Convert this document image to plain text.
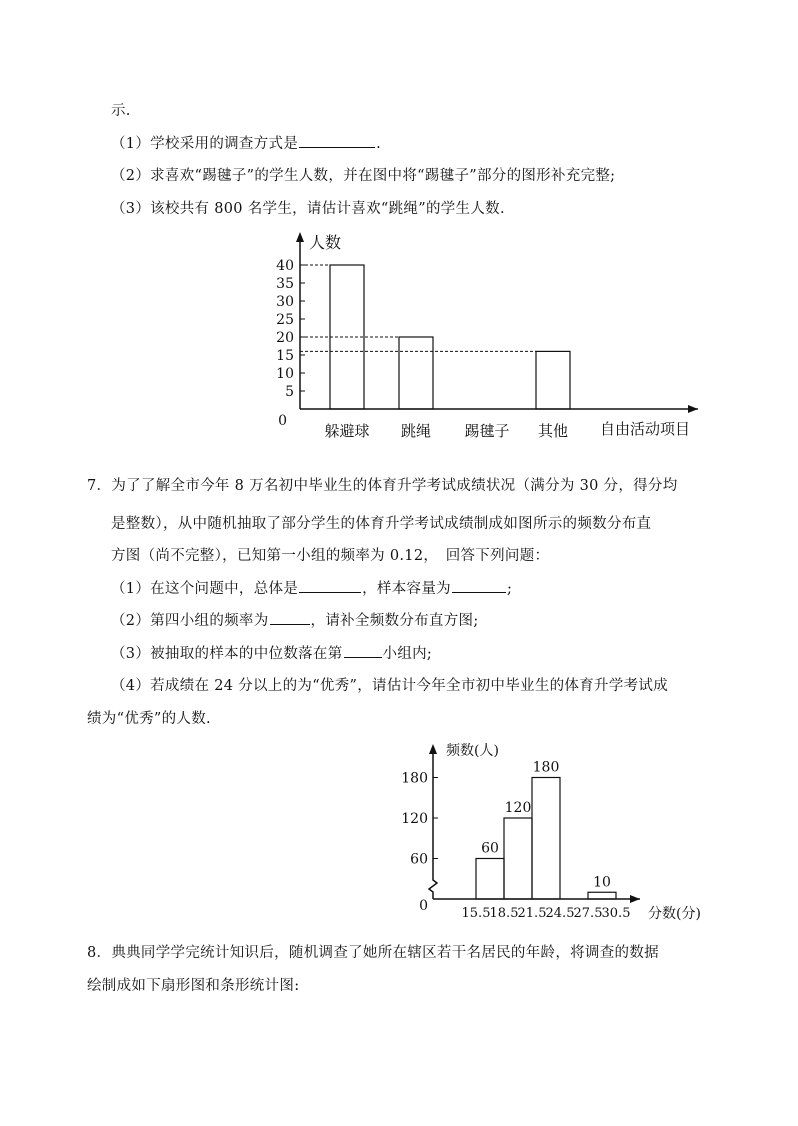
示.
（1）学校采用的调查方式是	.
（2）求喜欢“踢毽子”的学生人数，并在图中将“踢毽子”部分的图形补充完整;
（3）该校共有 800 名学生，请估计喜欢“跳绳”的学生人数.
人数
自由活动项目
0
5
10
15
20
25
30
35
40
躲避球 跳绳 踢毽子 其他
7．为了了解全市今年 8 万名初中毕业生的体育升学考试成绩状况（满分为 30 分，得分均
是整数），从中随机抽取了部分学生的体育升学考试成绩制成如图所示的频数分布直
方图（尚不完整），已知第一小组的频率为 0.12，　回答下列问题：
（1）在这个问题中，总体是	，样本容量为	;
（2）第四小组的频率为	，请补全频数分布直方图;
（3）被抽取的样本的中位数落在第	小组内;
（4）若成绩在 24 分以上的为“优秀”，请估计今年全市初中毕业生的体育升学考试成
绩为“优秀”的人数.
频数(人)
分数(分)
0
60
120
180
15.5 18.5 21.5 24.5 27.5 30.5
60
120
180
10
8．典典同学学完统计知识后，随机调查了她所在辖区若干名居民的年龄，将调查的数据
绘制成如下扇形图和条形统计图:
